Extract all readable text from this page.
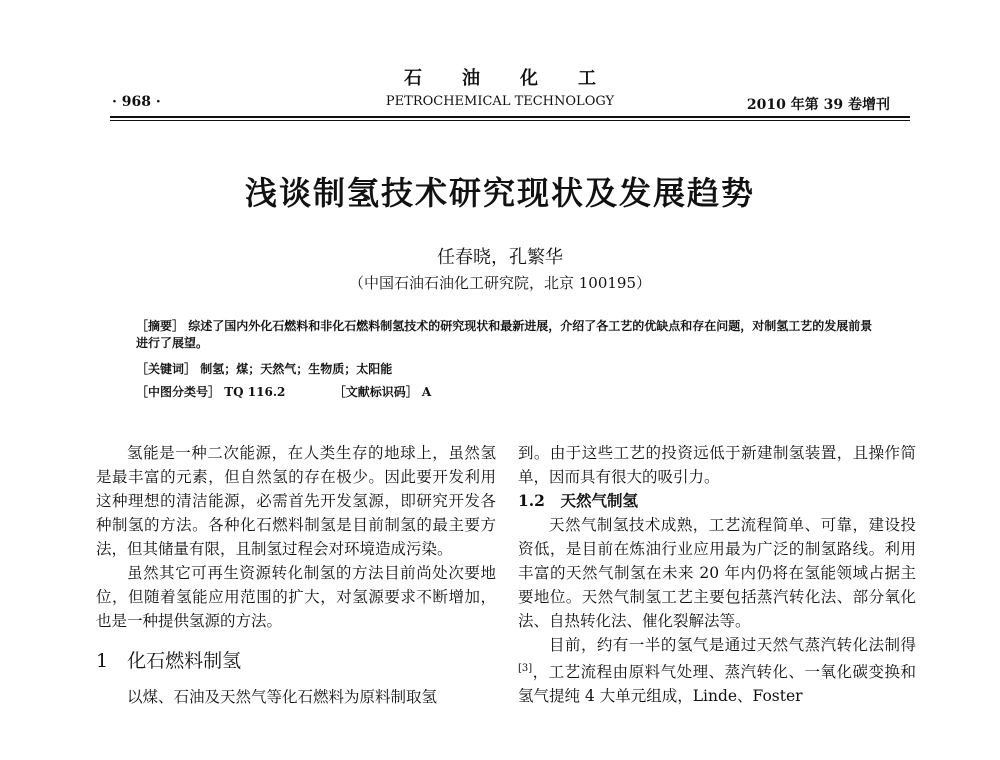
石 油 化 工
· 968 ·	PETROCHEMICAL TECHNOLOGY	2010 年第 39 卷增刊
浅谈制氢技术研究现状及发展趋势
任春晓，孔繁华
（中国石油石油化工研究院，北京 100195）
［摘要］ 综述了国内外化石燃料和非化石燃料制氢技术的研究现状和最新进展，介绍了各工艺的优缺点和存在问题，对制氢工艺的发展前景进行了展望。
［关键词］ 制氢；煤；天然气；生物质；太阳能
［中图分类号］ TQ 116.2	［文献标识码］ A

氢能是一种二次能源，在人类生存的地球上，虽然氢是最丰富的元素，但自然氢的存在极少。因此要开发利用这种理想的清洁能源，必需首先开发氢源，即研究开发各种制氢的方法。各种化石燃料制氢是目前制氢的最主要方法，但其储量有限，且制氢过程会对环境造成污染。

虽然其它可再生资源转化制氢的方法目前尚处次要地位，但随着氢能应用范围的扩大，对氢源要求不断增加，也是一种提供氢源的方法。

1　化石燃料制氢

以煤、石油及天然气等化石燃料为原料制取氢

到。由于这些工艺的投资远低于新建制氢装置，且操作简单，因而具有很大的吸引力。

1.2　天然气制氢

天然气制氢技术成熟，工艺流程简单、可靠，建设投资低，是目前在炼油行业应用最为广泛的制氢路线。利用丰富的天然气制氢在未来 20 年内仍将在氢能领域占据主要地位。天然气制氢工艺主要包括蒸汽转化法、部分氧化法、自热转化法、催化裂解法等。

目前，约有一半的氢气是通过天然气蒸汽转化法制得[3]，工艺流程由原料气处理、蒸汽转化、一氧化碳变换和氢气提纯 4 大单元组成，Linde、Foster
